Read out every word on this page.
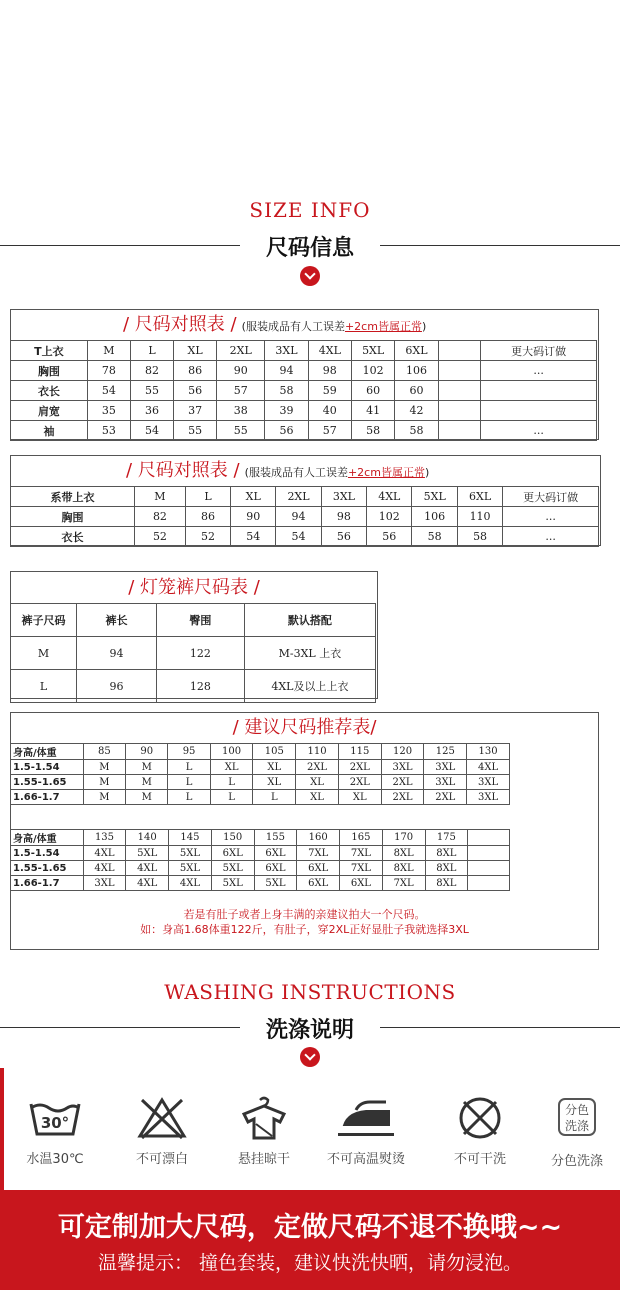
SIZE INFO
尺码信息
/ 尺码对照表 / (服装成品有人工误差+2cm皆属正常)
T上衣	M	L	XL	2XL	3XL	4XL	5XL	6XL		更大码订做
胸围	78	82	86	90	94	98	102	106		...
衣长	54	55	56	57	58	59	60	60		
肩宽	35	36	37	38	39	40	41	42		
袖	53	54	55	55	56	57	58	58		...
/ 尺码对照表 / (服装成品有人工误差+2cm皆属正常)
系带上衣	M	L	XL	2XL	3XL	4XL	5XL	6XL	更大码订做
胸围	82	86	90	94	98	102	106	110	...
衣长	52	52	54	54	56	56	58	58	...
/ 灯笼裤尺码表 /
裤子尺码	裤长	臀围	默认搭配
M	94	122	M-3XL 上衣
L	96	128	4XL及以上上衣
/ 建议尺码推荐表/
身高/体重	85	90	95	100	105	110	115	120	125	130
1.5-1.54	M	M	L	XL	XL	2XL	2XL	3XL	3XL	4XL
1.55-1.65	M	M	L	L	XL	XL	2XL	2XL	3XL	3XL
1.66-1.7	M	M	L	L	L	XL	XL	2XL	2XL	3XL
身高/体重	135	140	145	150	155	160	165	170	175	
1.5-1.54	4XL	5XL	5XL	6XL	6XL	7XL	7XL	8XL	8XL	
1.55-1.65	4XL	4XL	5XL	5XL	6XL	6XL	7XL	8XL	8XL	
1.66-1.7	3XL	4XL	4XL	5XL	5XL	6XL	6XL	7XL	8XL	
若是有肚子或者上身丰满的亲建议拍大一个尺码。
如：身高1.68体重122斤，有肚子，穿2XL正好显肚子我就选择3XL
WASHING INSTRUCTIONS
洗涤说明
30°
水温30℃	不可漂白	悬挂晾干	不可高温熨烫	不可干洗
分色
洗涤
分色洗涤
可定制加大尺码，定做尺码不退不换哦~~
温馨提示： 撞色套装，建议快洗快晒，请勿浸泡。
